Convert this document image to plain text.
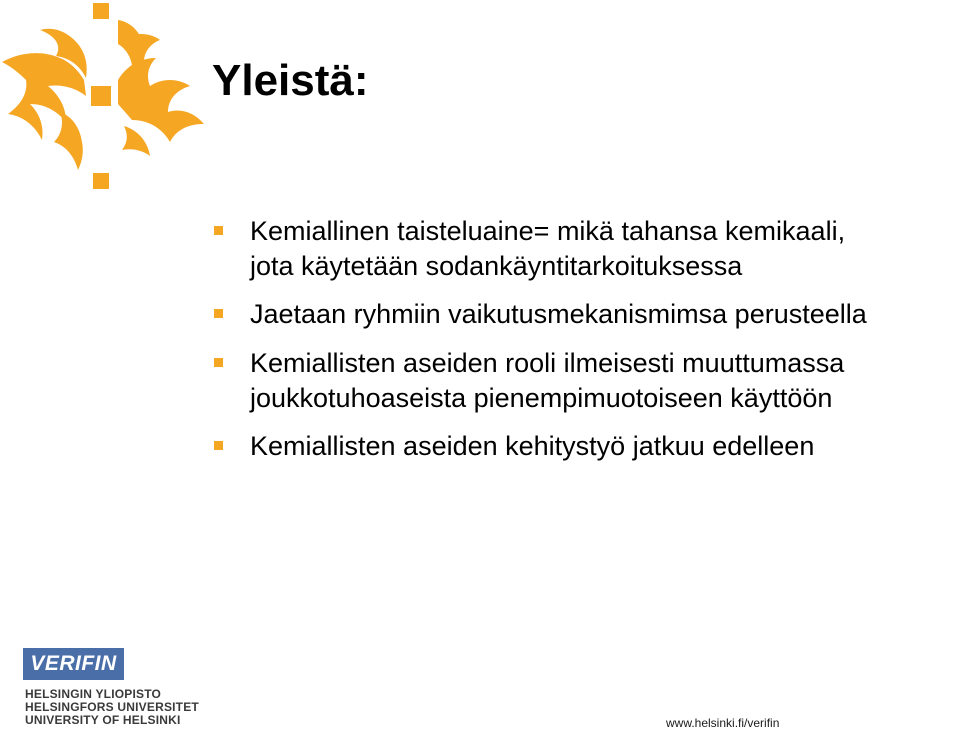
Yleistä:
Kemiallinen taisteluaine= mikä tahansa kemikaali,
jota käytetään sodankäyntitarkoituksessa
Jaetaan ryhmiin vaikutusmekanismimsa perusteella
Kemiallisten aseiden rooli ilmeisesti muuttumassa
joukkotuhoaseista pienempimuotoiseen käyttöön
Kemiallisten aseiden kehitystyö jatkuu edelleen
VERIFIN
HELSINGIN YLIOPISTO
HELSINGFORS UNIVERSITET
UNIVERSITY OF HELSINKI	www.helsinki.fi/verifin
